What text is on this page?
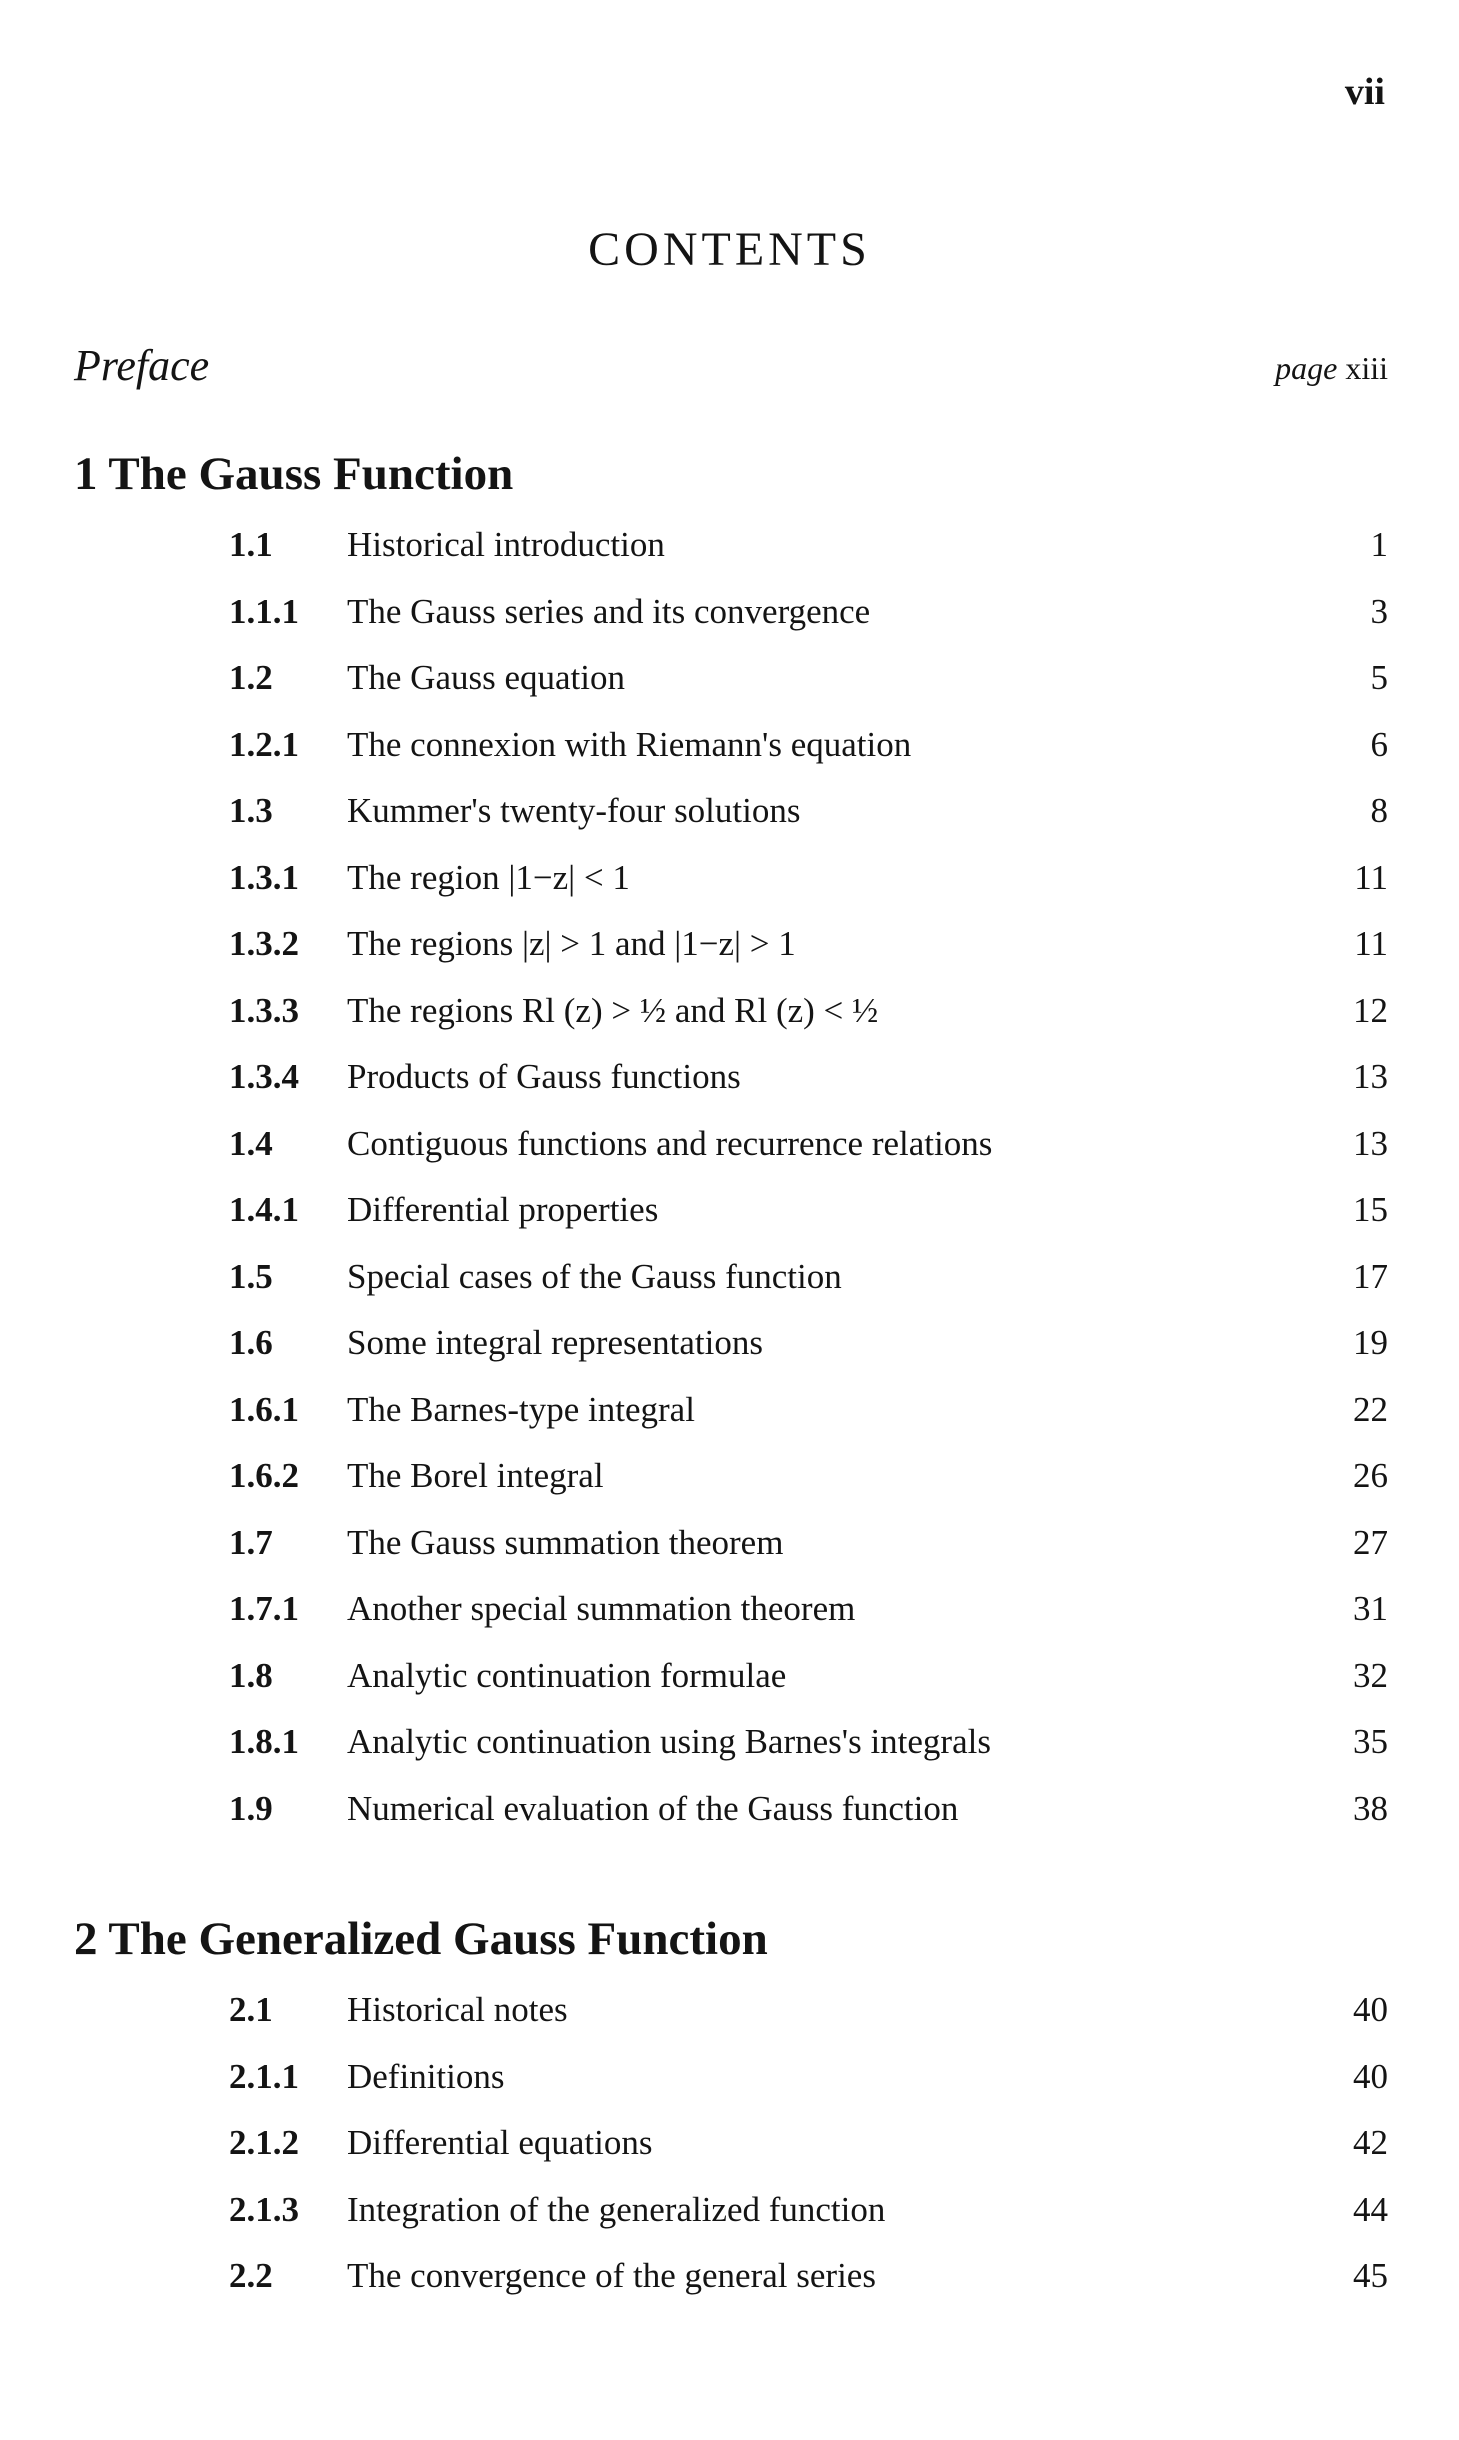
vii
CONTENTS
Preface	page xiii
1 The Gauss Function
1.1 Historical introduction	1
1.1.1 The Gauss series and its convergence	3
1.2 The Gauss equation	5
1.2.1 The connexion with Riemann's equation	6
1.3 Kummer's twenty-four solutions	8
1.3.1 The region |1−z| < 1	11
1.3.2 The regions |z| > 1 and |1−z| > 1	11
1.3.3 The regions Rl (z) > ½ and Rl (z) < ½	12
1.3.4 Products of Gauss functions	13
1.4 Contiguous functions and recurrence relations	13
1.4.1 Differential properties	15
1.5 Special cases of the Gauss function	17
1.6 Some integral representations	19
1.6.1 The Barnes-type integral	22
1.6.2 The Borel integral	26
1.7 The Gauss summation theorem	27
1.7.1 Another special summation theorem	31
1.8 Analytic continuation formulae	32
1.8.1 Analytic continuation using Barnes's integrals	35
1.9 Numerical evaluation of the Gauss function	38
2 The Generalized Gauss Function
2.1 Historical notes	40
2.1.1 Definitions	40
2.1.2 Differential equations	42
2.1.3 Integration of the generalized function	44
2.2 The convergence of the general series	45
